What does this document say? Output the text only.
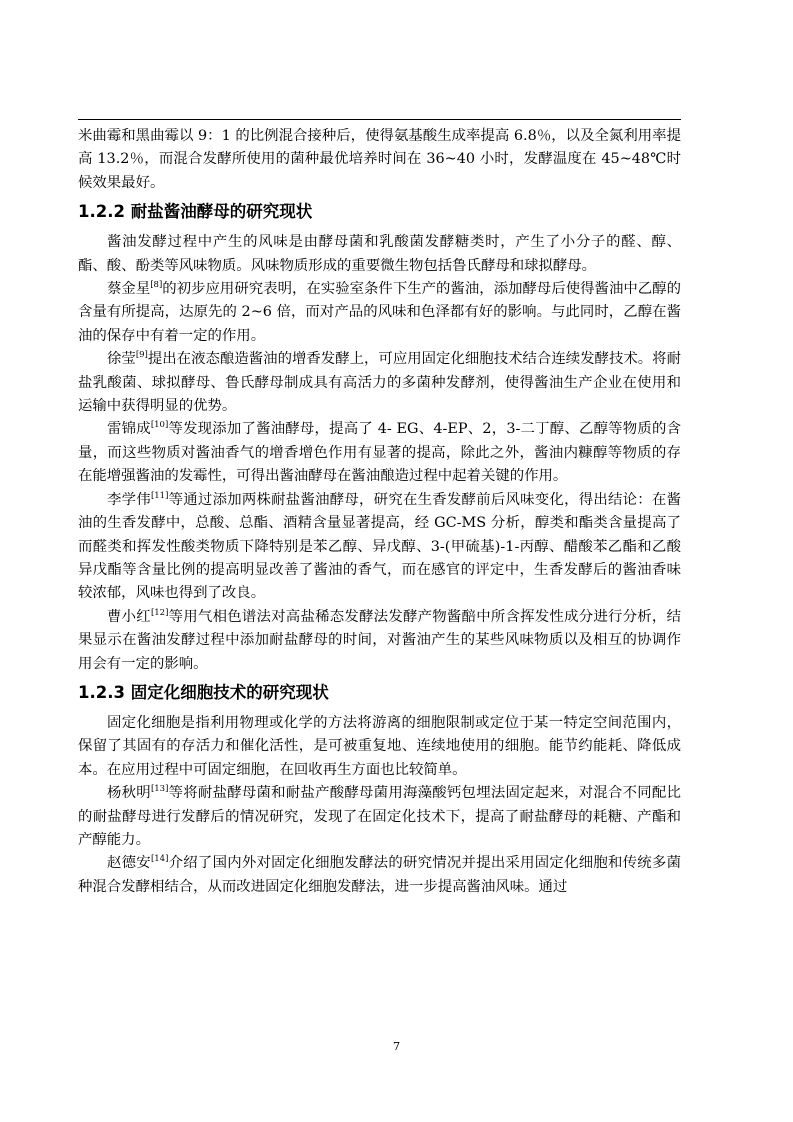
米曲霉和黑曲霉以 9：1 的比例混合接种后，使得氨基酸生成率提高 6.8％，以及全氮利用率提高 13.2％，而混合发酵所使用的菌种最优培养时间在 36~40 小时，发酵温度在 45~48℃时候效果最好。

1.2.2 耐盐酱油酵母的研究现状

酱油发酵过程中产生的风味是由酵母菌和乳酸菌发酵糖类时，产生了小分子的醛、醇、酯、酸、酚类等风味物质。风味物质形成的重要微生物包括鲁氏酵母和球拟酵母。

蔡金星[8]的初步应用研究表明，在实验室条件下生产的酱油，添加酵母后使得酱油中乙醇的含量有所提高，达原先的 2~6 倍，而对产品的风味和色泽都有好的影响。与此同时，乙醇在酱油的保存中有着一定的作用。

徐莹[9]提出在液态酿造酱油的增香发酵上，可应用固定化细胞技术结合连续发酵技术。将耐盐乳酸菌、球拟酵母、鲁氏酵母制成具有高活力的多菌种发酵剂，使得酱油生产企业在使用和运输中获得明显的优势。

雷锦成[10]等发现添加了酱油酵母，提高了 4- EG、4-EP、2，3-二丁醇、乙醇等物质的含量，而这些物质对酱油香气的增香增色作用有显著的提高，除此之外，酱油内糠醇等物质的存在能增强酱油的发霉性，可得出酱油酵母在酱油酿造过程中起着关键的作用。

李学伟[11]等通过添加两株耐盐酱油酵母，研究在生香发酵前后风味变化，得出结论：在酱油的生香发酵中，总酸、总酯、酒精含量显著提高，经 GC-MS 分析，醇类和酯类含量提高了而醛类和挥发性酸类物质下降特别是苯乙醇、异戊醇、3-(甲硫基)-1-丙醇、醋酸苯乙酯和乙酸异戊酯等含量比例的提高明显改善了酱油的香气，而在感官的评定中，生香发酵后的酱油香味较浓郁，风味也得到了改良。

曹小红[12]等用气相色谱法对高盐稀态发酵法发酵产物酱醅中所含挥发性成分进行分析，结果显示在酱油发酵过程中添加耐盐酵母的时间，对酱油产生的某些风味物质以及相互的协调作用会有一定的影响。

1.2.3 固定化细胞技术的研究现状

固定化细胞是指利用物理或化学的方法将游离的细胞限制或定位于某一特定空间范围内，保留了其固有的存活力和催化活性，是可被重复地、连续地使用的细胞。能节约能耗、降低成本。在应用过程中可固定细胞，在回收再生方面也比较简单。

杨秋明[13]等将耐盐酵母菌和耐盐产酸酵母菌用海藻酸钙包埋法固定起来，对混合不同配比的耐盐酵母进行发酵后的情况研究，发现了在固定化技术下，提高了耐盐酵母的耗糖、产酯和产醇能力。

赵德安[14]介绍了国内外对固定化细胞发酵法的研究情况并提出采用固定化细胞和传统多菌种混合发酵相结合，从而改进固定化细胞发酵法，进一步提高酱油风味。通过

7
